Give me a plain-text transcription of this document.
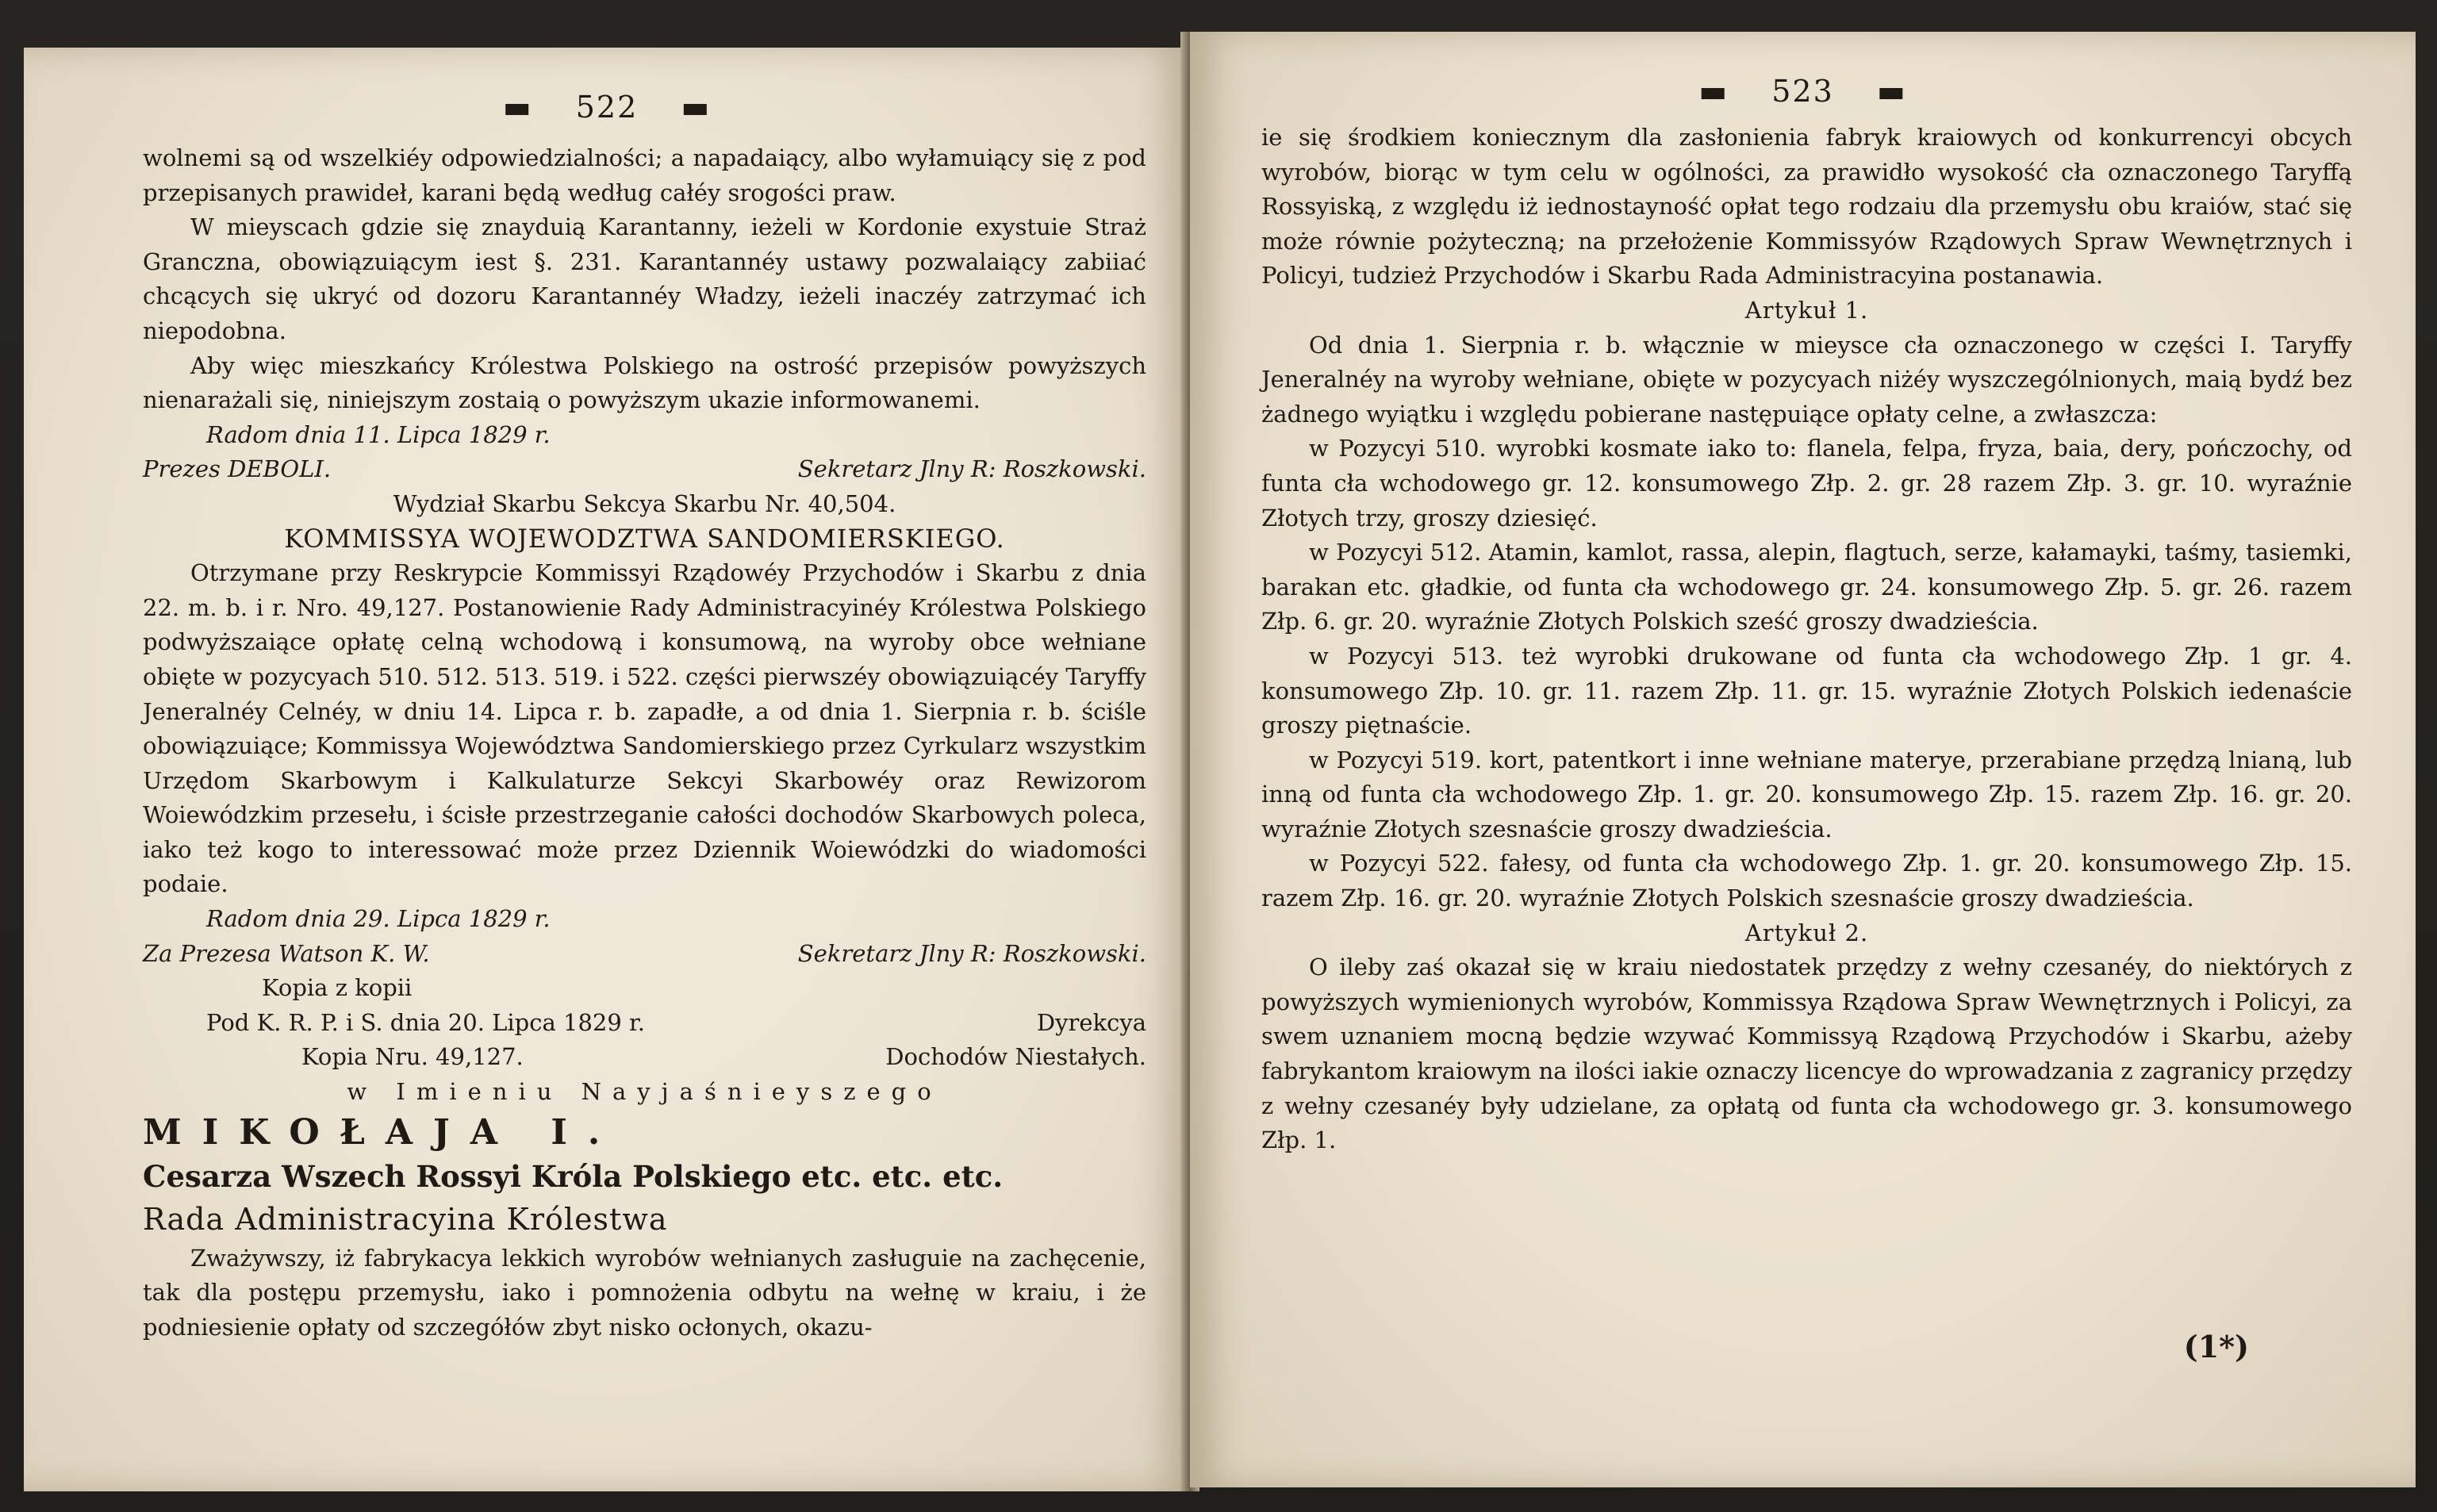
▬ 522 ▬

wolnemi są od wszelkiéy odpowiedzialności; a napadaiący, albo wyłamuiący się z pod przepisanych prawideł, karani będą według całéy srogości praw.

W mieyscach gdzie się znayduią Karantanny, ieżeli w Kordonie exystuie Straż Granczna, obowiązuiącym iest §. 231. Karantannéy ustawy pozwalaiący zabiiać chcących się ukryć od dozoru Karantannéy Władzy, ieżeli inaczéy zatrzymać ich niepodobna.

Aby więc mieszkańcy Królestwa Polskiego na ostrość przepisów powyższych nienarażali się, niniejszym zostaią o powyższym ukazie informowanemi.

Radom dnia 11. Lipca 1829 r.

Prezes DEBOLI.	Sekretarz Jlny R: Roszkowski.

Wydział Skarbu Sekcya Skarbu Nr. 40,504.

KOMMISSYA WOJEWODZTWA SANDOMIERSKIEGO.

Otrzymane przy Reskrypcie Kommissyi Rządowéy Przychodów i Skarbu z dnia 22. m. b. i r. Nro. 49,127. Postanowienie Rady Administracyinéy Królestwa Polskiego podwyższaiące opłatę celną wchodową i konsumową, na wyroby obce wełniane obięte w pozycyach 510. 512. 513. 519. i 522. części pierwszéy obowiązuiącéy Taryffy Jeneralnéy Celnéy, w dniu 14. Lipca r. b. zapadłe, a od dnia 1. Sierpnia r. b. ściśle obowiązuiące; Kommissya Województwa Sandomierskiego przez Cyrkularz wszystkim Urzędom Skarbowym i Kalkulaturze Sekcyi Skarbowéy oraz Rewizorom Woiewódzkim przesełu, i ścisłe przestrzeganie całości dochodów Skarbowych poleca, iako też kogo to interessować może przez Dziennik Woiewódzki do wiadomości podaie.

Radom dnia 29. Lipca 1829 r.

Za Prezesa Watson K. W.	Sekretarz Jlny R: Roszkowski.

Kopia z kopii

Pod K. R. P. i S. dnia 20. Lipca 1829 r.	Dyrekcya
Kopia Nru. 49,127.	Dochodów Niestałych.

w Imieniu Nayjaśnieyszego

MIKOŁAJA I.

Cesarza Wszech Rossyi Króla Polskiego etc. etc. etc.

Rada Administracyina Królestwa

Zważywszy, iż fabrykacya lekkich wyrobów wełnianych zasługuie na zachęcenie, tak dla postępu przemysłu, iako i pomnożenia odbytu na wełnę w kraiu, i że podniesienie opłaty od szczegółów zbyt nisko ocłonych, okazu-

▬ 523 ▬

ie się środkiem koniecznym dla zasłonienia fabryk kraiowych od konkurrencyi obcych wyrobów, biorąc w tym celu w ogólności, za prawidło wysokość cła oznaczonego Taryffą Rossyiską, z względu iż iednostayność opłat tego rodzaiu dla przemysłu obu kraiów, stać się może równie pożyteczną; na przełożenie Kommissyów Rządowych Spraw Wewnętrznych i Policyi, tudzież Przychodów i Skarbu Rada Administracyina postanawia.

Artykuł 1.

Od dnia 1. Sierpnia r. b. włącznie w mieysce cła oznaczonego w części I. Taryffy Jeneralnéy na wyroby wełniane, obięte w pozycyach niżéy wyszczególnionych, maią bydź bez żadnego wyiątku i względu pobierane następuiące opłaty celne, a zwłaszcza:

w Pozycyi 510. wyrobki kosmate iako to: flanela, felpa, fryza, baia, dery, pończochy, od funta cła wchodowego gr. 12. konsumowego Złp. 2. gr. 28 razem Złp. 3. gr. 10. wyraźnie Złotych trzy, groszy dziesięć.

w Pozycyi 512. Atamin, kamlot, rassa, alepin, flagtuch, serze, kałamayki, taśmy, tasiemki, barakan etc. gładkie, od funta cła wchodowego gr. 24. konsumowego Złp. 5. gr. 26. razem Złp. 6. gr. 20. wyraźnie Złotych Polskich sześć groszy dwadzieścia.

w Pozycyi 513. też wyrobki drukowane od funta cła wchodowego Złp. 1 gr. 4. konsumowego Złp. 10. gr. 11. razem Złp. 11. gr. 15. wyraźnie Złotych Polskich iedenaście groszy piętnaście.

w Pozycyi 519. kort, patentkort i inne wełniane materye, przerabiane przędzą lnianą, lub inną od funta cła wchodowego Złp. 1. gr. 20. konsumowego Złp. 15. razem Złp. 16. gr. 20. wyraźnie Złotych szesnaście groszy dwadzieścia.

w Pozycyi 522. fałesy, od funta cła wchodowego Złp. 1. gr. 20. konsumowego Złp. 15. razem Złp. 16. gr. 20. wyraźnie Złotych Polskich szesnaście groszy dwadzieścia.

Artykuł 2.

O ileby zaś okazał się w kraiu niedostatek przędzy z wełny czesanéy, do niektórych z powyższych wymienionych wyrobów, Kommissya Rządowa Spraw Wewnętrznych i Policyi, za swem uznaniem mocną będzie wzywać Kommissyą Rządową Przychodów i Skarbu, ażeby fabrykantom kraiowym na ilości iakie oznaczy licencye do wprowadzania z zagranicy przędzy z wełny czesanéy były udzielane, za opłatą od funta cła wchodowego gr. 3. konsumowego Złp. 1.

(1*)
